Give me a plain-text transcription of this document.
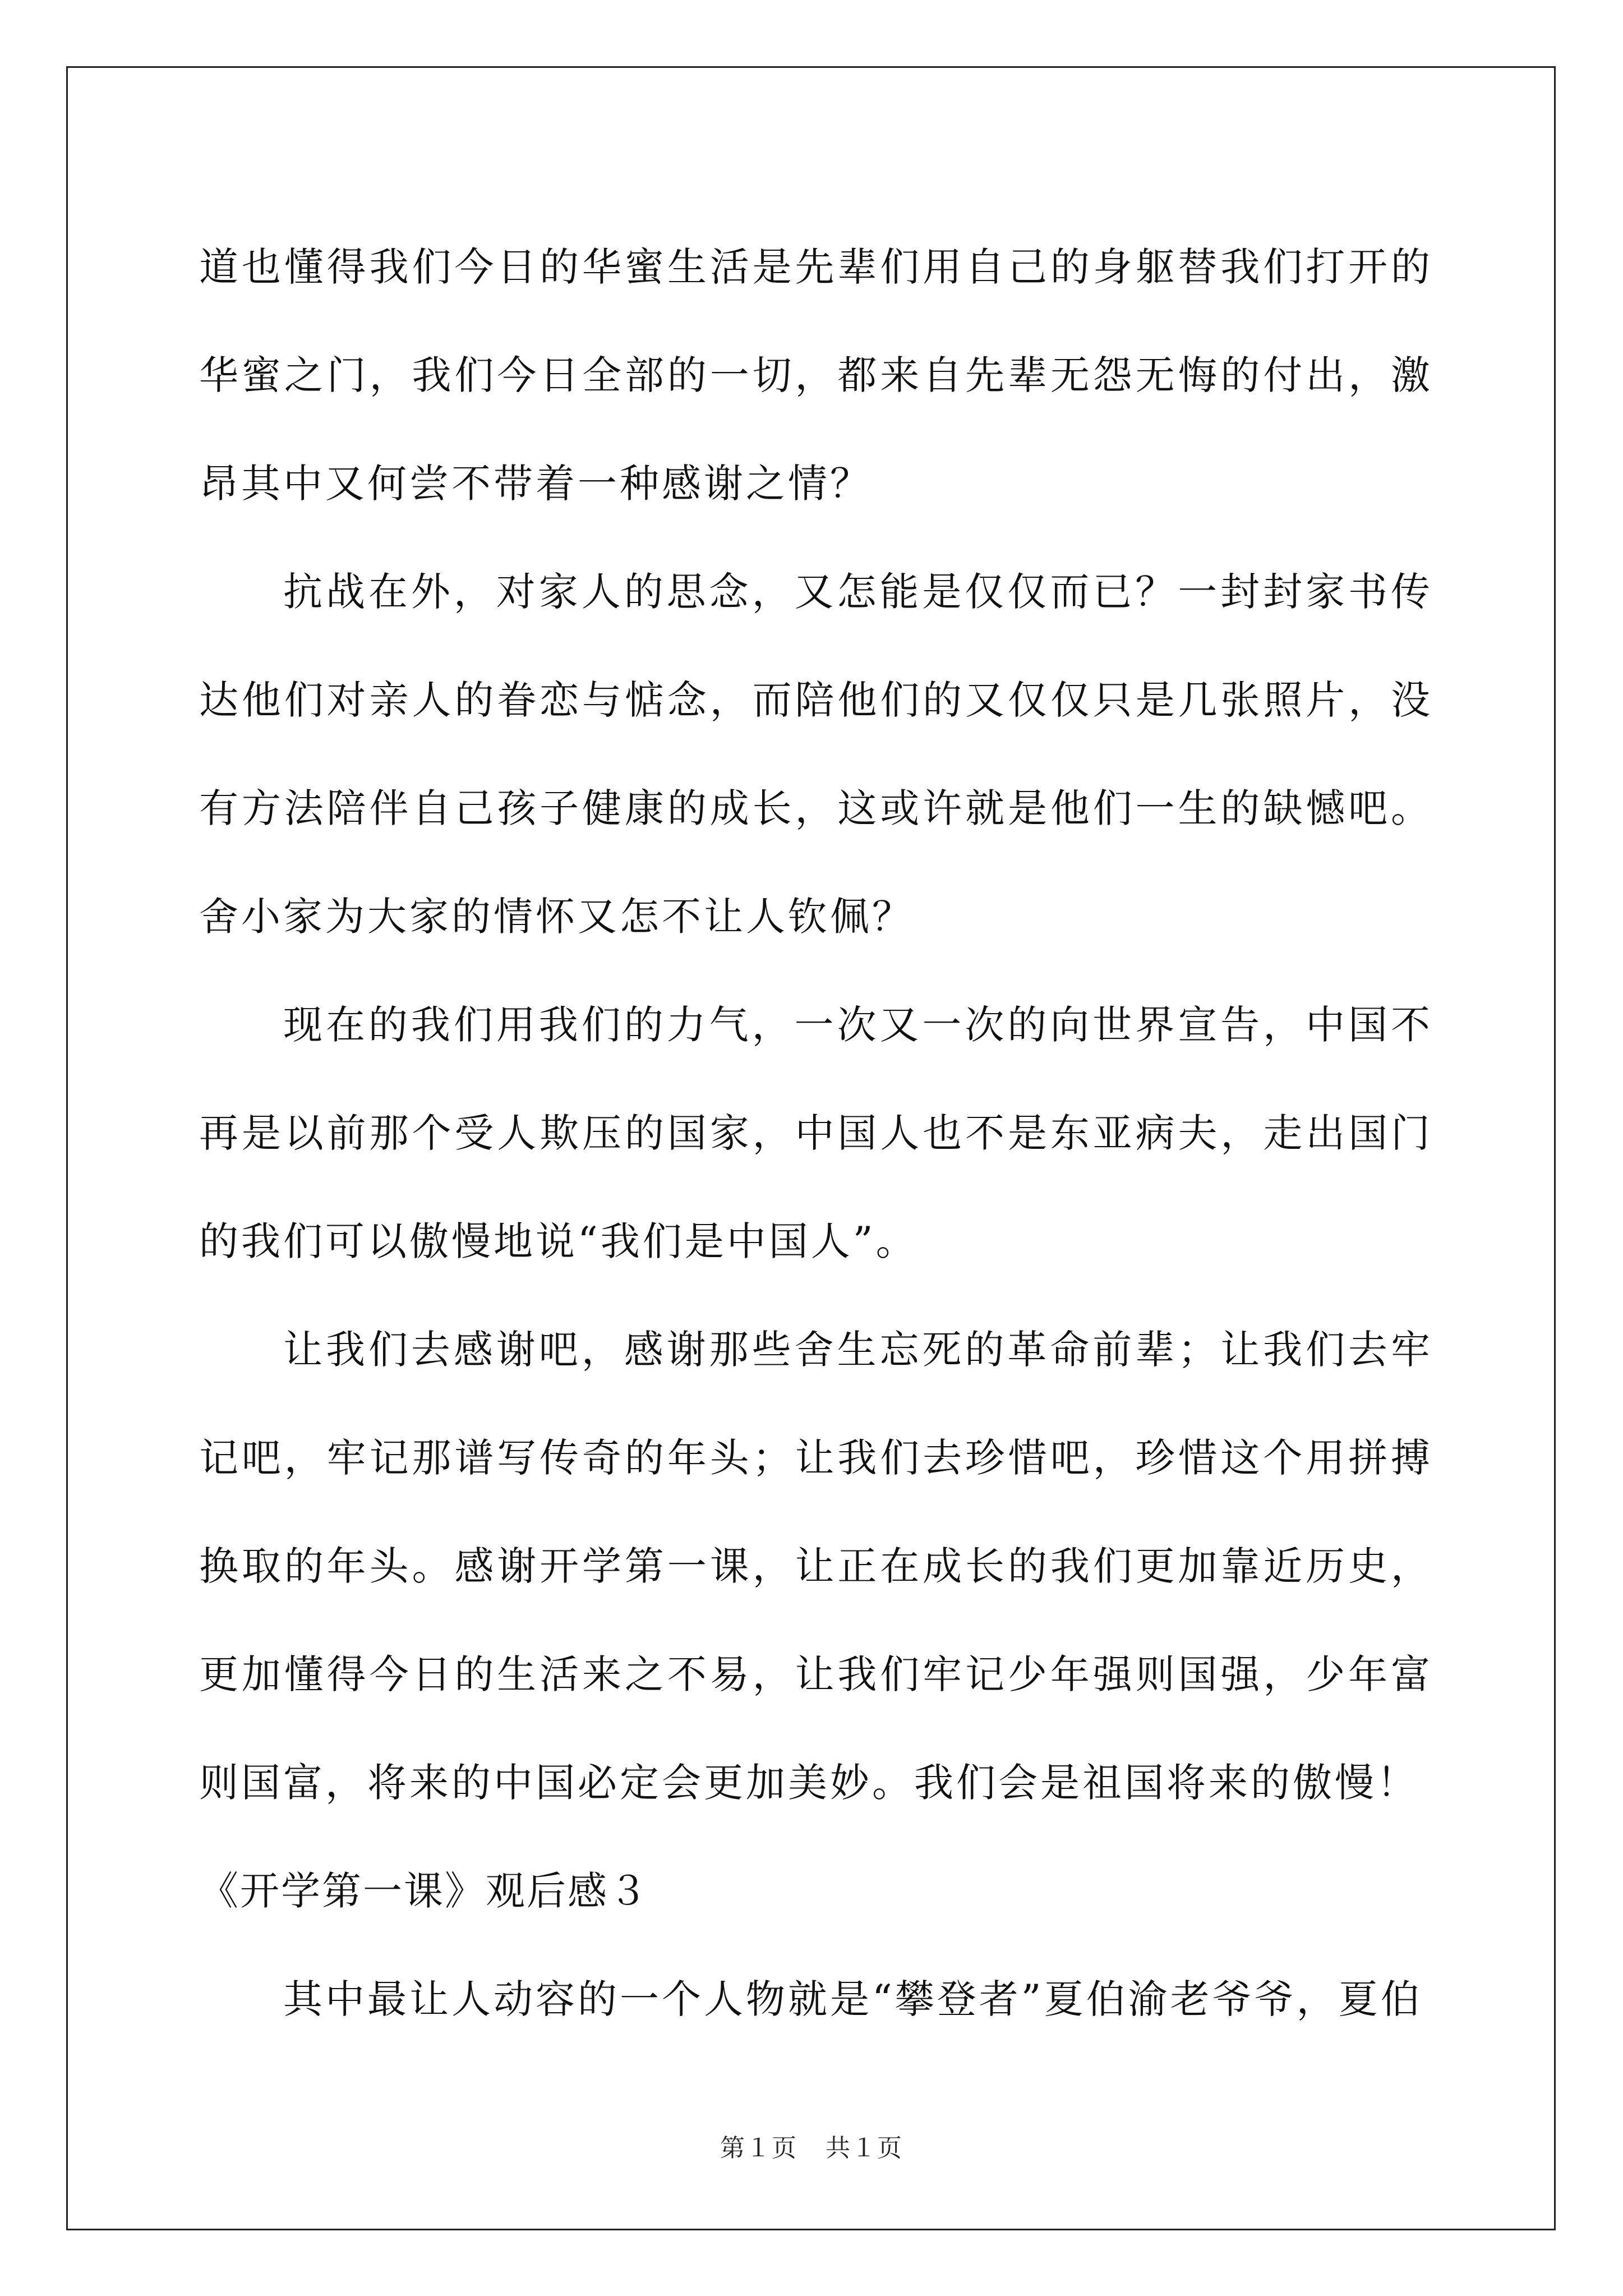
道也懂得我们今日的华蜜生活是先辈们用自己的身躯替我们打开的华蜜之门，我们今日全部的一切，都来自先辈无怨无悔的付出，激昂其中又何尝不带着一种感谢之情？

抗战在外，对家人的思念，又怎能是仅仅而已？一封封家书传达他们对亲人的眷恋与惦念，而陪他们的又仅仅只是几张照片，没有方法陪伴自己孩子健康的成长，这或许就是他们一生的缺憾吧。舍小家为大家的情怀又怎不让人钦佩？

现在的我们用我们的力气，一次又一次的向世界宣告，中国不再是以前那个受人欺压的国家，中国人也不是东亚病夫，走出国门的我们可以傲慢地说“我们是中国人”。

让我们去感谢吧，感谢那些舍生忘死的革命前辈；让我们去牢记吧，牢记那谱写传奇的年头；让我们去珍惜吧，珍惜这个用拼搏换取的年头。感谢开学第一课，让正在成长的我们更加靠近历史，更加懂得今日的生活来之不易，让我们牢记少年强则国强，少年富则国富，将来的中国必定会更加美妙。我们会是祖国将来的傲慢！

《开学第一课》观后感３

其中最让人动容的一个人物就是“攀登者”夏伯渝老爷爷，夏伯

第１页 共１页
